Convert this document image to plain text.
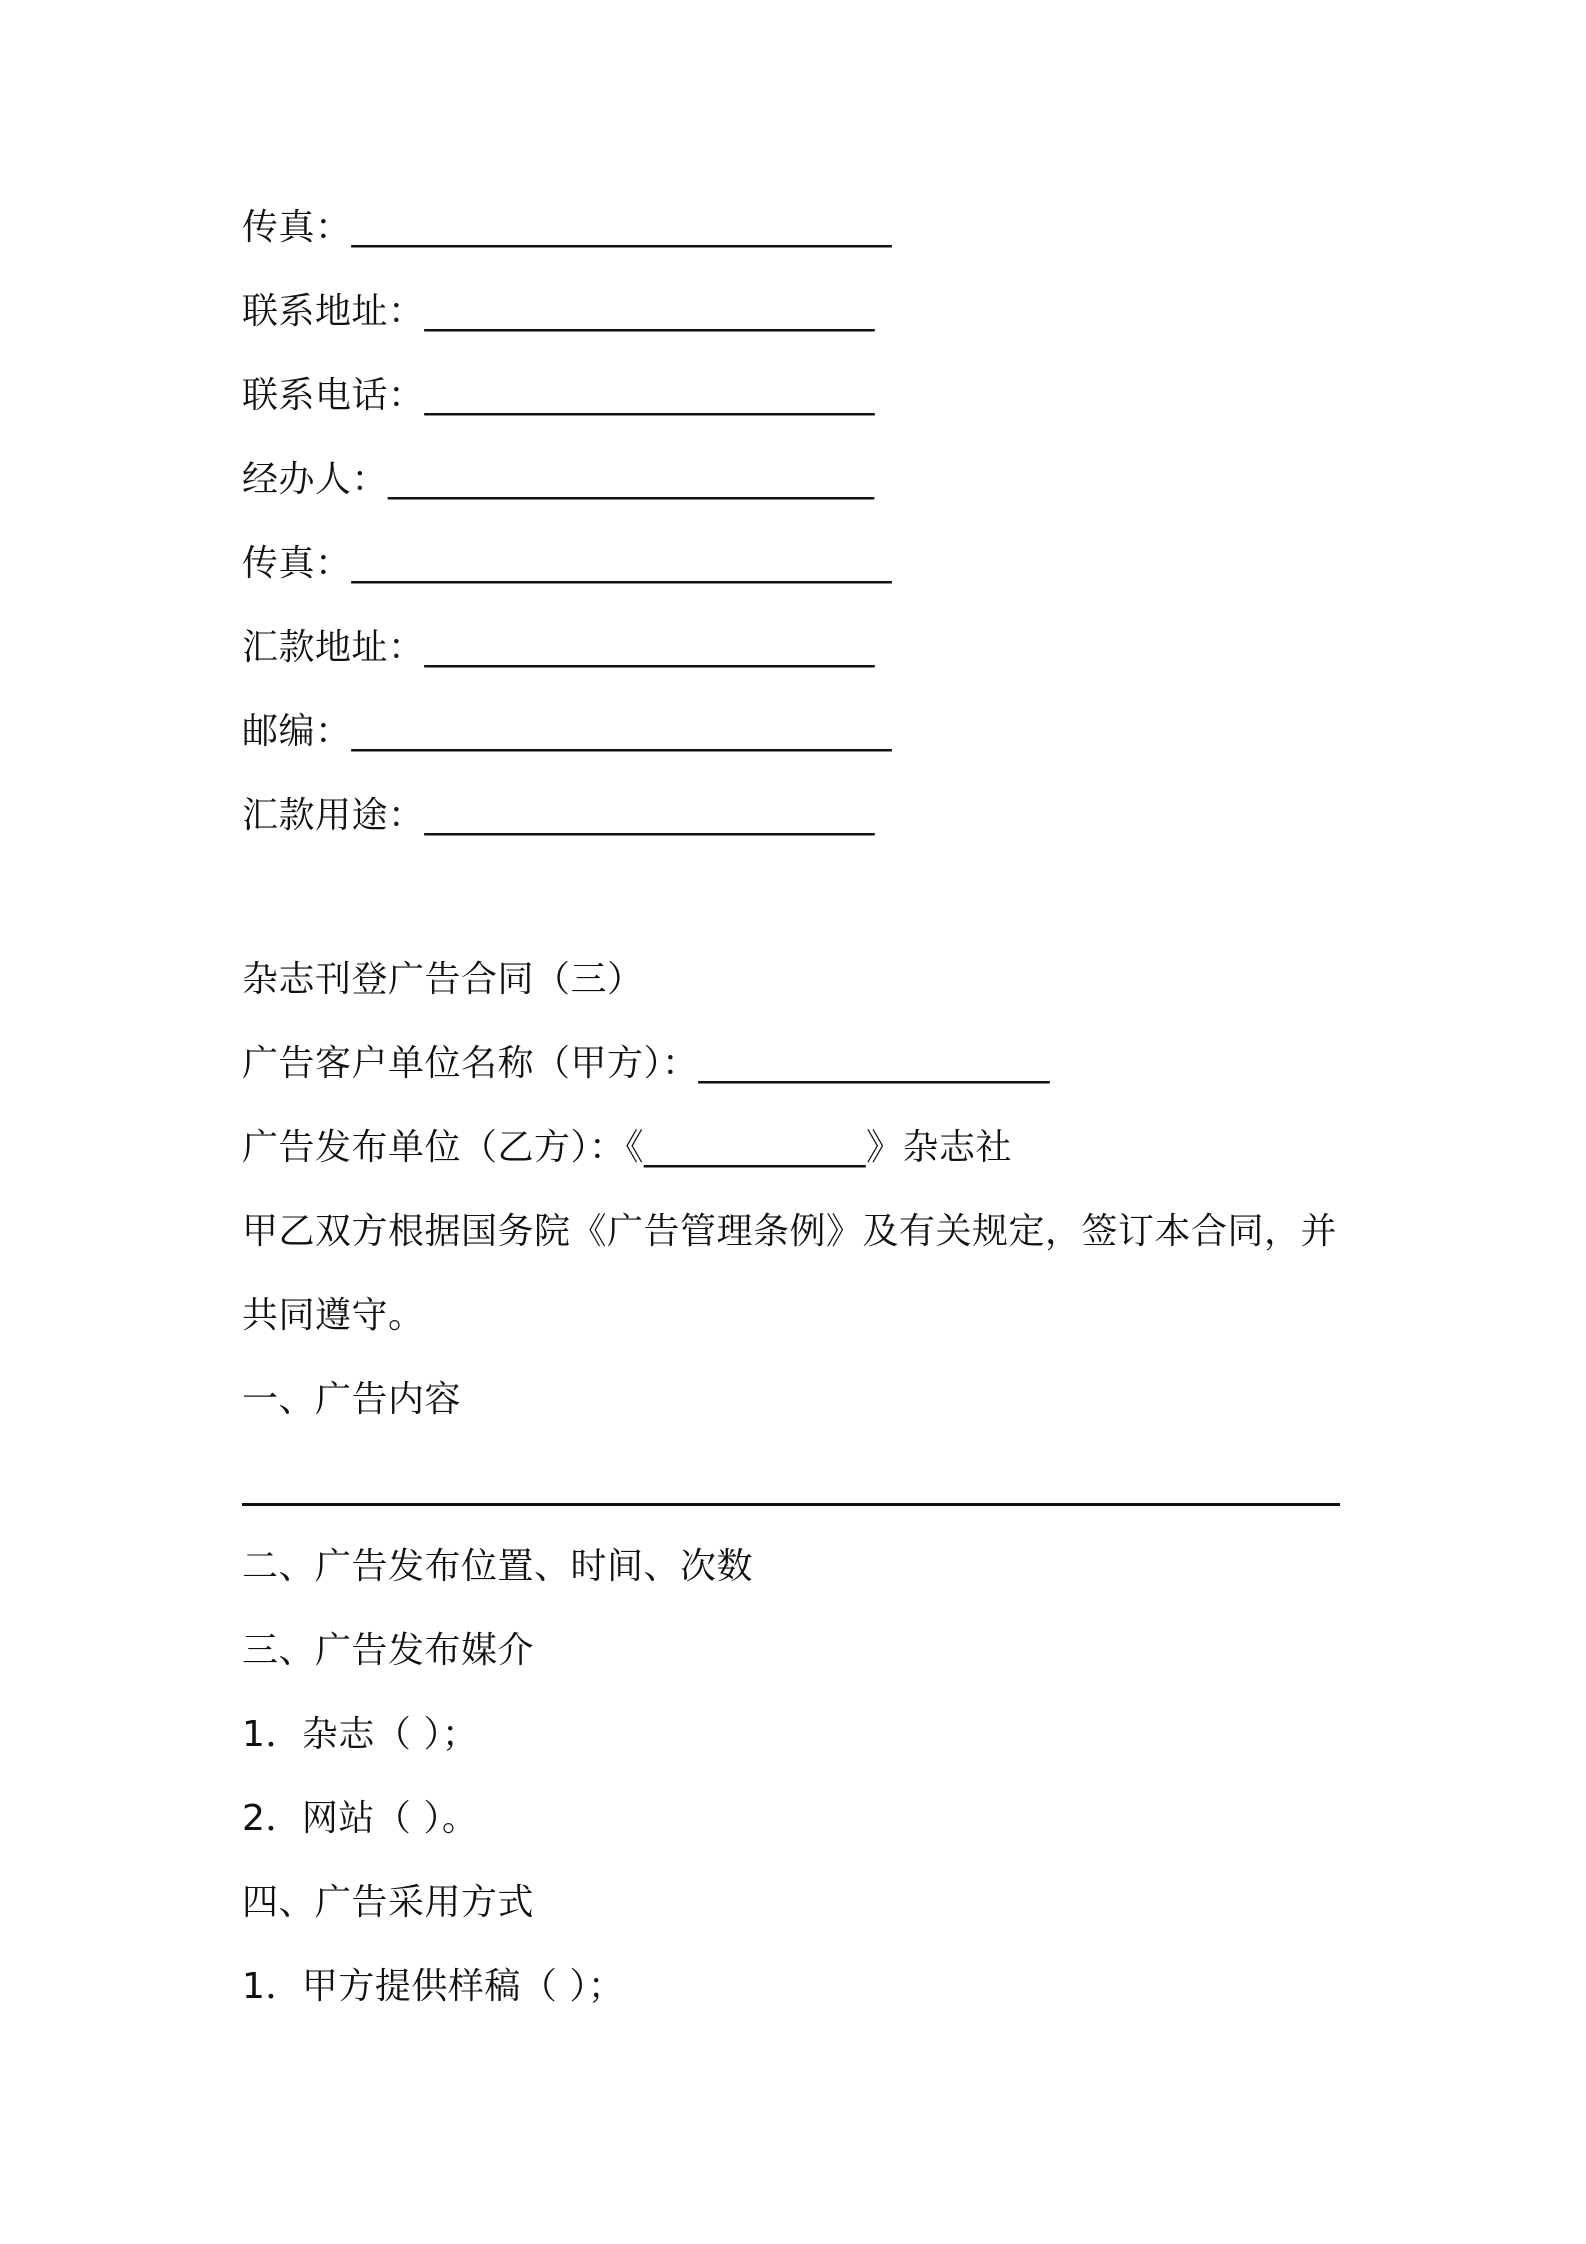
传真：______________________________
联系地址：_________________________
联系电话：_________________________
经办人：___________________________
传真：______________________________
汇款地址：_________________________
邮编：______________________________
汇款用途：_________________________
杂志刊登广告合同（三）
广告客户单位名称（甲方）：___________________
广告发布单位（乙方）：《____________》杂志社
甲乙双方根据国务院《广告管理条例》及有关规定，签订本合同，并
共同遵守。
一、广告内容
二、广告发布位置、时间、次数
三、广告发布媒介
1．杂志（ ）；
2．网站（ ）。
四、广告采用方式
1．甲方提供样稿（ ）；
